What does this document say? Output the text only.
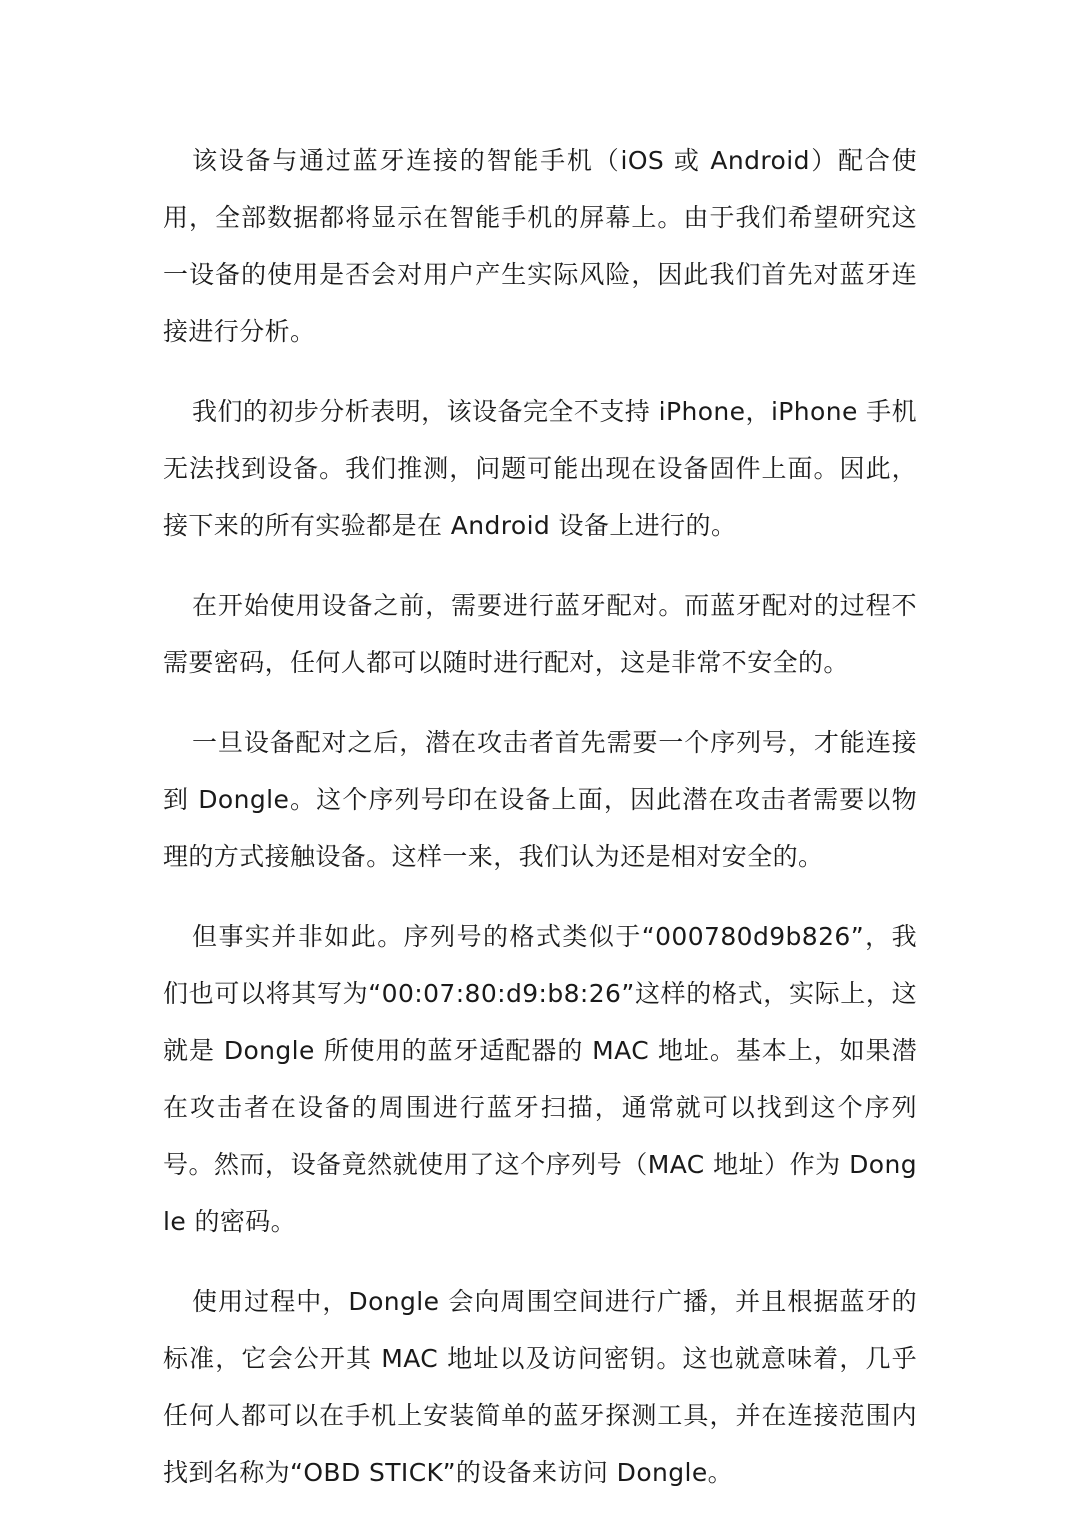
该设备与通过蓝牙连接的智能手机（iOS 或 Android）配合使用，全部数据都将显示在智能手机的屏幕上。由于我们希望研究这一设备的使用是否会对用户产生实际风险，因此我们首先对蓝牙连接进行分析。

我们的初步分析表明，该设备完全不支持 iPhone，iPhone 手机无法找到设备。我们推测，问题可能出现在设备固件上面。因此，接下来的所有实验都是在 Android 设备上进行的。

在开始使用设备之前，需要进行蓝牙配对。而蓝牙配对的过程不需要密码，任何人都可以随时进行配对，这是非常不安全的。

一旦设备配对之后，潜在攻击者首先需要一个序列号，才能连接到 Dongle。这个序列号印在设备上面，因此潜在攻击者需要以物理的方式接触设备。这样一来，我们认为还是相对安全的。

但事实并非如此。序列号的格式类似于“000780d9b826”，我们也可以将其写为“00:07:80:d9:b8:26”这样的格式，实际上，这就是 Dongle 所使用的蓝牙适配器的 MAC 地址。基本上，如果潜在攻击者在设备的周围进行蓝牙扫描，通常就可以找到这个序列号。然而，设备竟然就使用了这个序列号（MAC 地址）作为 Dongle 的密码。

使用过程中，Dongle 会向周围空间进行广播，并且根据蓝牙的标准，它会公开其 MAC 地址以及访问密钥。这也就意味着，几乎任何人都可以在手机上安装简单的蓝牙探测工具，并在连接范围内找到名称为“OBD STICK”的设备来访问 Dongle。
